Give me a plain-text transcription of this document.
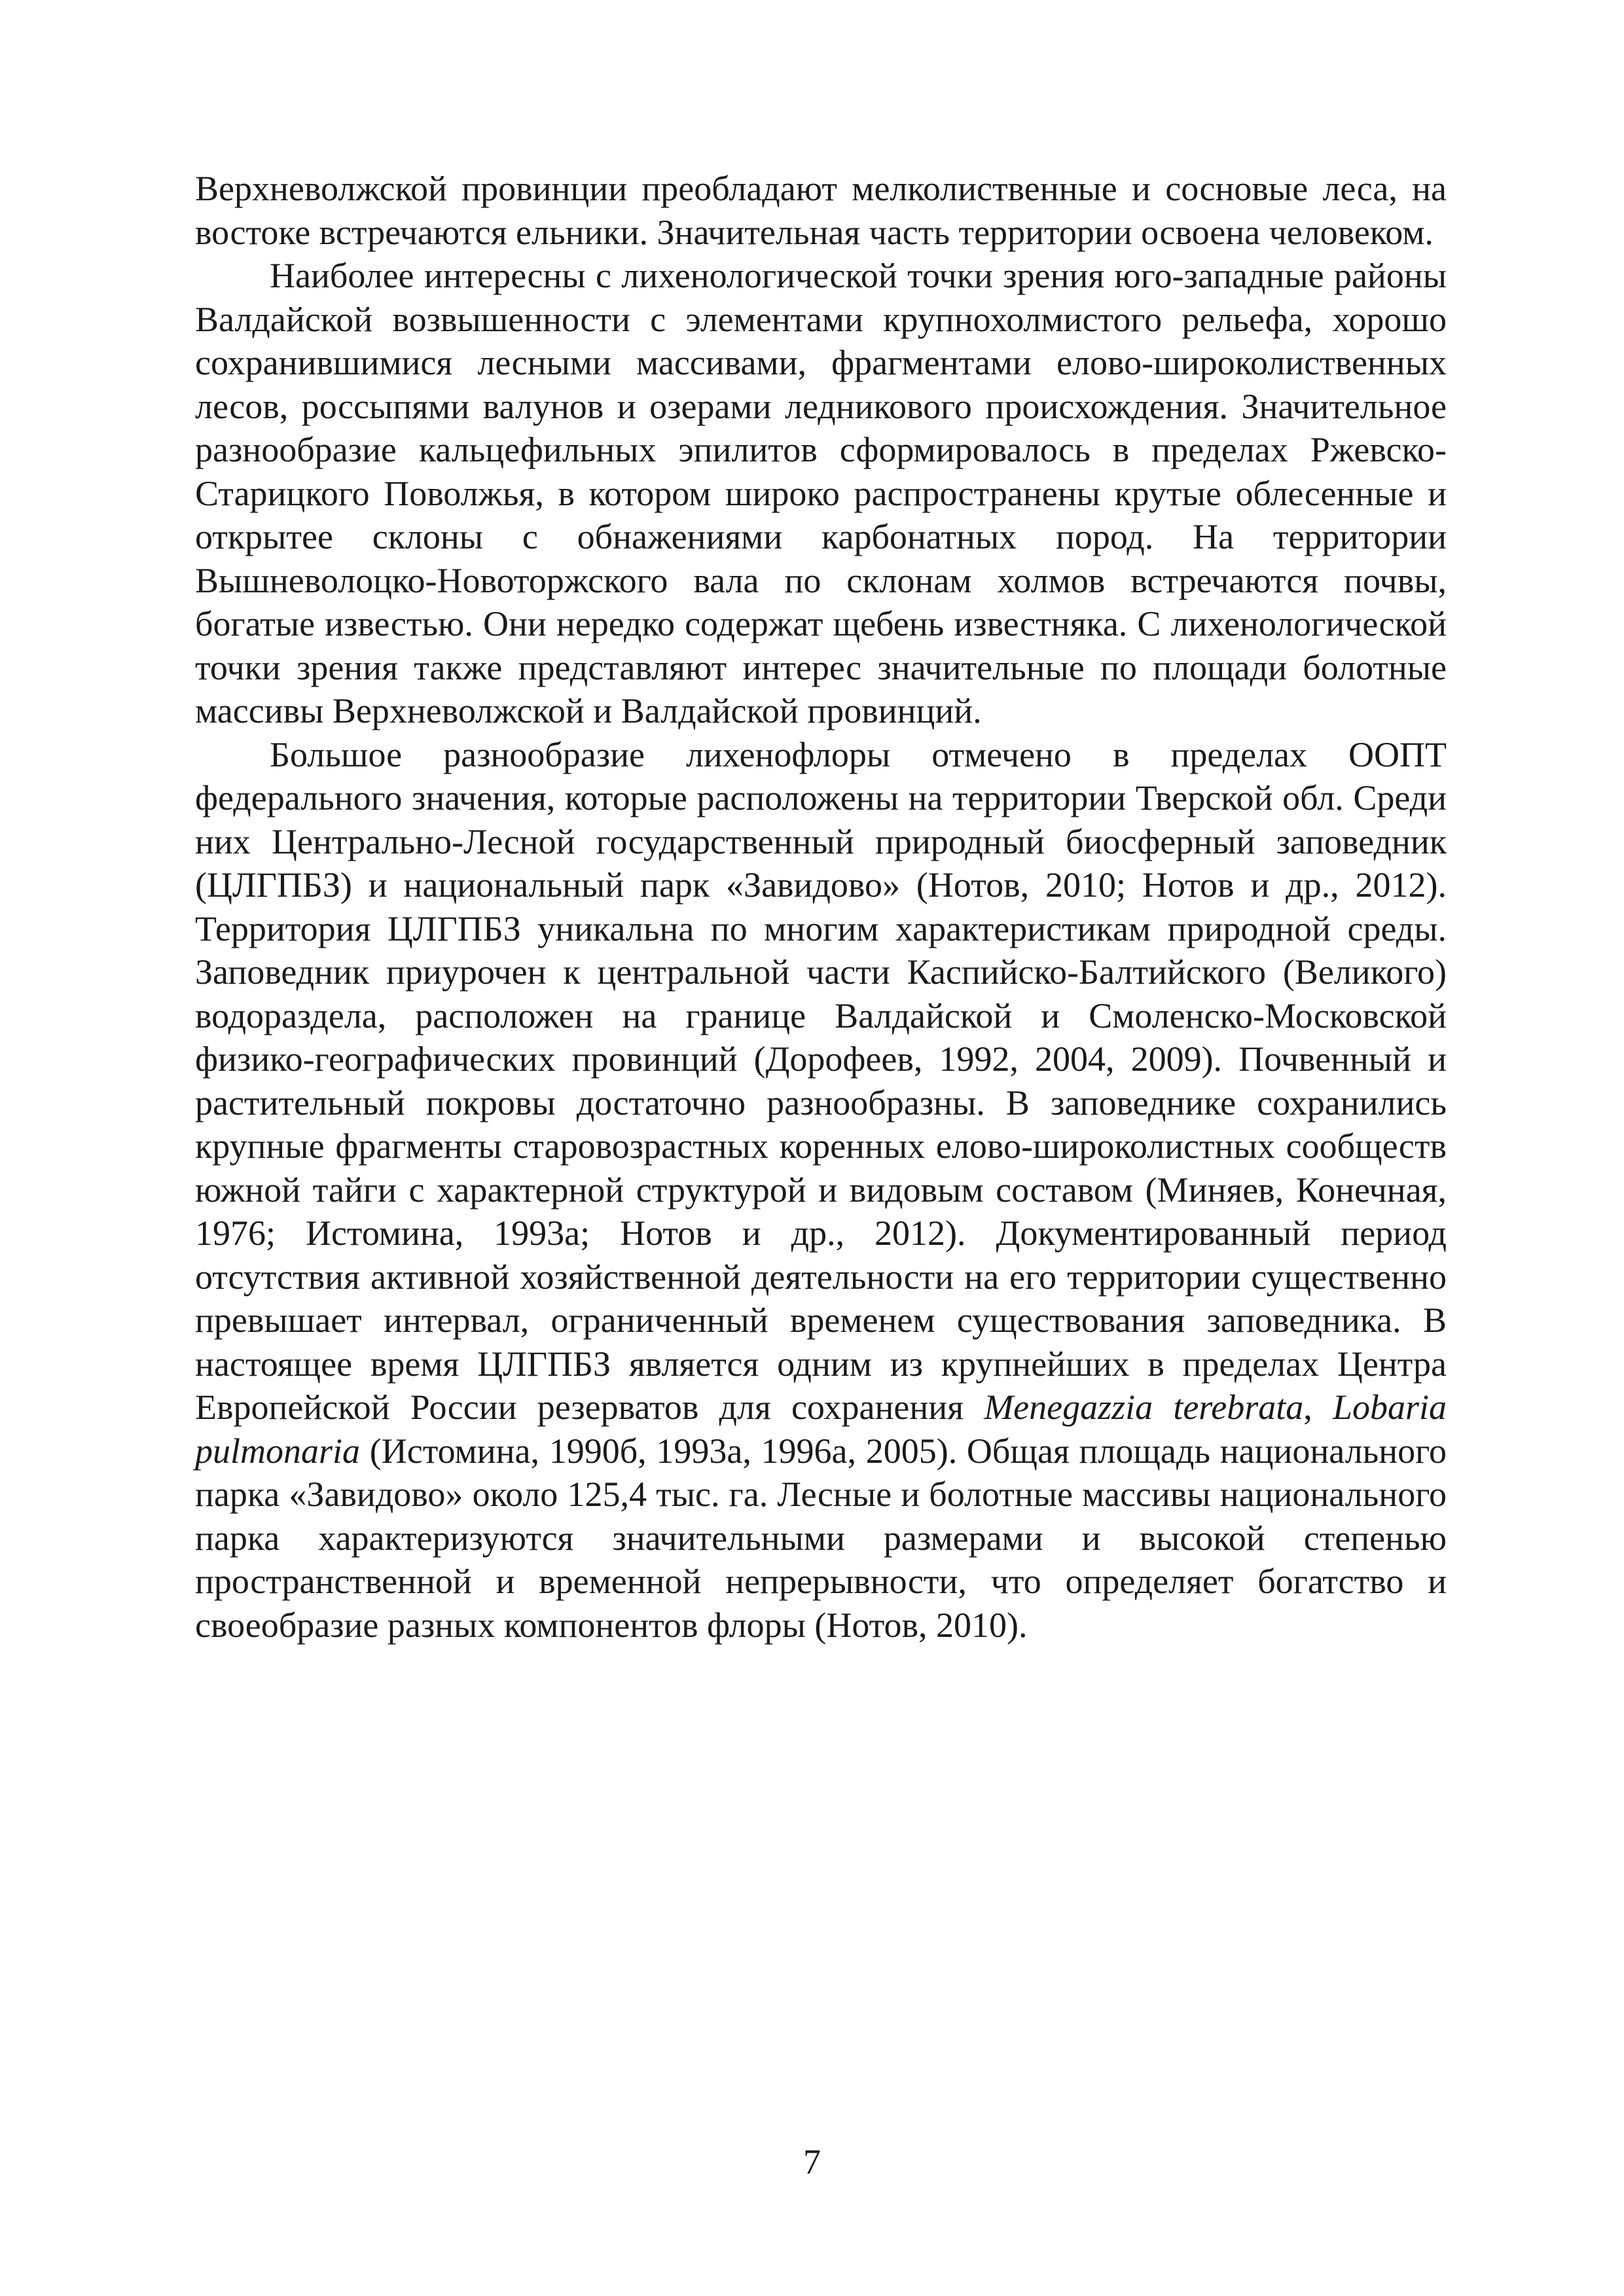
Верхневолжской провинции преобладают мелколиственные и сосновые леса, на востоке встречаются ельники. Значительная часть территории освоена человеком.

Наиболее интересны с лихенологической точки зрения юго-западные районы Валдайской возвышенности с элементами крупнохолмистого рельефа, хорошо сохранившимися лесными массивами, фрагментами елово-широколиственных лесов, россыпями валунов и озерами ледникового происхождения. Значительное разнообразие кальцефильных эпилитов сформировалось в пределах Ржевско-Старицкого Поволжья, в котором широко распространены крутые облесенные и открытее склоны с обнажениями карбонатных пород. На территории Вышневолоцко-Новоторжского вала по склонам холмов встречаются почвы, богатые известью. Они нередко содержат щебень известняка. С лихенологической точки зрения также представляют интерес значительные по площади болотные массивы Верхневолжской и Валдайской провинций.

Большое разнообразие лихенофлоры отмечено в пределах ООПТ федерального значения, которые расположены на территории Тверской обл. Среди них Центрально-Лесной государственный природный биосферный заповедник (ЦЛГПБЗ) и национальный парк «Завидово» (Нотов, 2010; Нотов и др., 2012). Территория ЦЛГПБЗ уникальна по многим характеристикам природной среды. Заповедник приурочен к центральной части Каспийско-Балтийского (Великого) водораздела, расположен на границе Валдайской и Смоленско-Московской физико-географических провинций (Дорофеев, 1992, 2004, 2009). Почвенный и растительный покровы достаточно разнообразны. В заповеднике сохранились крупные фрагменты старовозрастных коренных елово-широколистных сообществ южной тайги с характерной структурой и видовым составом (Миняев, Конечная, 1976; Истомина, 1993а; Нотов и др., 2012). Документированный период отсутствия активной хозяйственной деятельности на его территории существенно превышает интервал, ограниченный временем существования заповедника. В настоящее время ЦЛГПБЗ является одним из крупнейших в пределах Центра Европейской России резерватов для сохранения Menegazzia terebrata, Lobaria pulmonaria (Истомина, 1990б, 1993а, 1996а, 2005). Общая площадь национального парка «Завидово» около 125,4 тыс. га. Лесные и болотные массивы национального парка характеризуются значительными размерами и высокой степенью пространственной и временной непрерывности, что определяет богатство и своеобразие разных компонентов флоры (Нотов, 2010).

7
